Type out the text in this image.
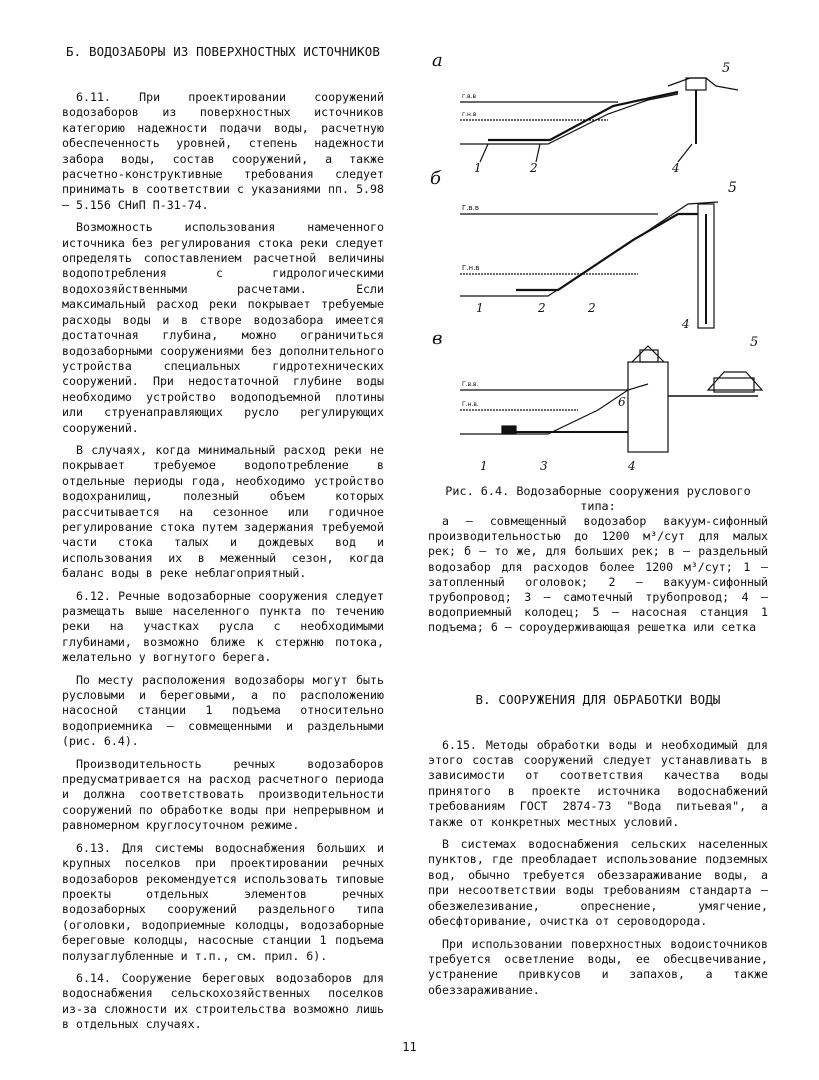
Б. ВОДОЗАБОРЫ ИЗ ПОВЕРХНОСТНЫХ ИСТОЧНИКОВ

6.11. При проектировании сооружений водозаборов из поверхностных источников категорию надежности подачи воды, расчетную обеспеченность уровней, степень надежности забора воды, состав сооружений, а также расчетно-конструктивные требования следует принимать в соответствии с указаниями пп. 5.98 – 5.156 СНиП П-31-74.

Возможность использования намеченного источника без регулирования стока реки следует определять сопоставлением расчетной величины водопотребления с гидрологическими водохозяйственными расчетами. Если максимальный расход реки покрывает требуемые расходы воды и в створе водозабора имеется достаточная глубина, можно ограничиться водозаборными сооружениями без дополнительного устройства специальных гидротехнических сооружений. При недостаточной глубине воды необходимо устройство водоподъемной плотины или струенаправляющих русло регулирующих сооружений.

В случаях, когда минимальный расход реки не покрывает требуемое водопотребление в отдельные периоды года, необходимо устройство водохранилищ, полезный объем которых рассчитывается на сезонное или годичное регулирование стока путем задержания требуемой части стока талых и дождевых вод и использования их в меженный сезон, когда баланс воды в реке неблагоприятный.

6.12. Речные водозаборные сооружения следует размещать выше населенного пункта по течению реки на участках русла с необходимыми глубинами, возможно ближе к стержню потока, желательно у вогнутого берега.

По месту расположения водозаборы могут быть русловыми и береговыми, а по расположению насосной станции 1 подъема относительно водоприемника – совмещенными и раздельными (рис. 6.4).

Производительность речных водозаборов предусматривается на расход расчетного периода и должна соответствовать производительности сооружений по обработке воды при непрерывном и равномерном круглосуточном режиме.

6.13. Для системы водоснабжения больших и крупных поселков при проектировании речных водозаборов рекомендуется использовать типовые проекты отдельных элементов речных водозаборных сооружений раздельного типа (оголовки, водоприемные колодцы, водозаборные береговые колодцы, насосные станции 1 подъема полузаглубленные и т.п., см. прил. 6).

6.14. Сооружение береговых водозаборов для водоснабжения сельскохозяйственных поселков из-за сложности их строительства возможно лишь в отдельных случаях.

а
г.в.в
г.н.в
5
1	2	4
б
Г.в.в
Г.н.в
5
1	2	2
4
в
Г.в.в.
Г.н.в.
5
6
1	3	4

Рис. 6.4. Водозаборные сооружения руслового типа:

а – совмещенный водозабор вакуум-сифонный производительностью до 1200 м³/сут для малых рек; б – то же, для больших рек; в – раздельный водозабор для расходов более 1200 м³/сут; 1 – затопленный оголовок; 2 – вакуум-сифонный трубопровод; 3 – самотечный трубопровод; 4 – водоприемный колодец; 5 – насосная станция 1 подъема; 6 – сороудерживающая решетка или сетка

В. СООРУЖЕНИЯ ДЛЯ ОБРАБОТКИ ВОДЫ

6.15. Методы обработки воды и необходимый для этого состав сооружений следует устанавливать в зависимости от соответствия качества воды принятого в проекте источника водоснабжений требованиям ГОСТ 2874-73 "Вода питьевая", а также от конкретных местных условий.

В системах водоснабжения сельских населенных пунктов, где преобладает использование подземных вод, обычно требуется обеззараживание воды, а при несоответствии воды требованиям стандарта – обезжелезивание, опреснение, умягчение, обесфторивание, очистка от сероводорода.

При использовании поверхностных водоисточников требуется осветление воды, ее обесцвечивание, устранение привкусов и запахов, а также обеззараживание.

11
